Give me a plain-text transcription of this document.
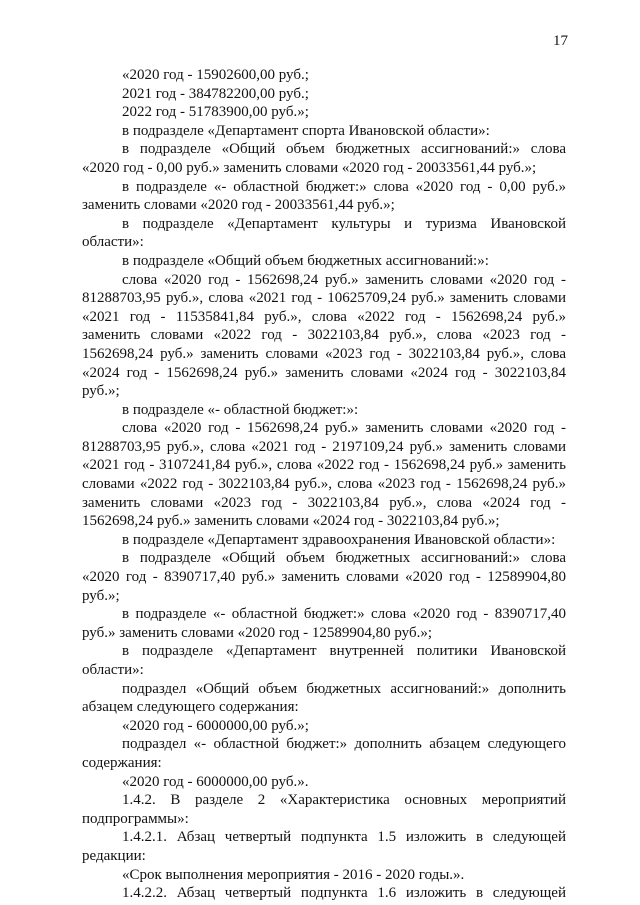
17
«2020 год - 15902600,00 руб.;
2021 год - 384782200,00 руб.;
2022 год - 51783900,00 руб.»;
в подразделе «Департамент спорта Ивановской области»:
в подразделе «Общий объем бюджетных ассигнований:» слова
«2020 год - 0,00 руб.» заменить словами «2020 год - 20033561,44 руб.»;
в подразделе «- областной бюджет:» слова «2020 год - 0,00 руб.»
заменить словами «2020 год - 20033561,44 руб.»;
в подразделе «Департамент культуры и туризма Ивановской
области»:
в подразделе «Общий объем бюджетных ассигнований:»:
слова «2020 год - 1562698,24 руб.» заменить словами «2020 год -
81288703,95 руб.», слова «2021 год - 10625709,24 руб.» заменить словами
«2021 год - 11535841,84 руб.», слова «2022 год - 1562698,24 руб.»
заменить словами «2022 год - 3022103,84 руб.», слова «2023 год -
1562698,24 руб.» заменить словами «2023 год - 3022103,84 руб.», слова
«2024 год - 1562698,24 руб.» заменить словами «2024 год - 3022103,84
руб.»;
в подразделе «- областной бюджет:»:
слова «2020 год - 1562698,24 руб.» заменить словами «2020 год -
81288703,95 руб.», слова «2021 год - 2197109,24 руб.» заменить словами
«2021 год - 3107241,84 руб.», слова «2022 год - 1562698,24 руб.» заменить
словами «2022 год - 3022103,84 руб.», слова «2023 год - 1562698,24 руб.»
заменить словами «2023 год - 3022103,84 руб.», слова «2024 год -
1562698,24 руб.» заменить словами «2024 год - 3022103,84 руб.»;
в подразделе «Департамент здравоохранения Ивановской области»:
в подразделе «Общий объем бюджетных ассигнований:» слова
«2020 год - 8390717,40 руб.» заменить словами «2020 год - 12589904,80
руб.»;
в подразделе «- областной бюджет:» слова «2020 год - 8390717,40
руб.» заменить словами «2020 год - 12589904,80 руб.»;
в подразделе «Департамент внутренней политики Ивановской
области»:
подраздел «Общий объем бюджетных ассигнований:» дополнить
абзацем следующего содержания:
«2020 год - 6000000,00 руб.»;
подраздел «- областной бюджет:» дополнить абзацем следующего
содержания:
«2020 год - 6000000,00 руб.».
1.4.2. В разделе 2 «Характеристика основных мероприятий
подпрограммы»:
1.4.2.1. Абзац четвертый подпункта 1.5 изложить в следующей
редакции:
«Срок выполнения мероприятия - 2016 - 2020 годы.».
1.4.2.2. Абзац четвертый подпункта 1.6 изложить в следующей
